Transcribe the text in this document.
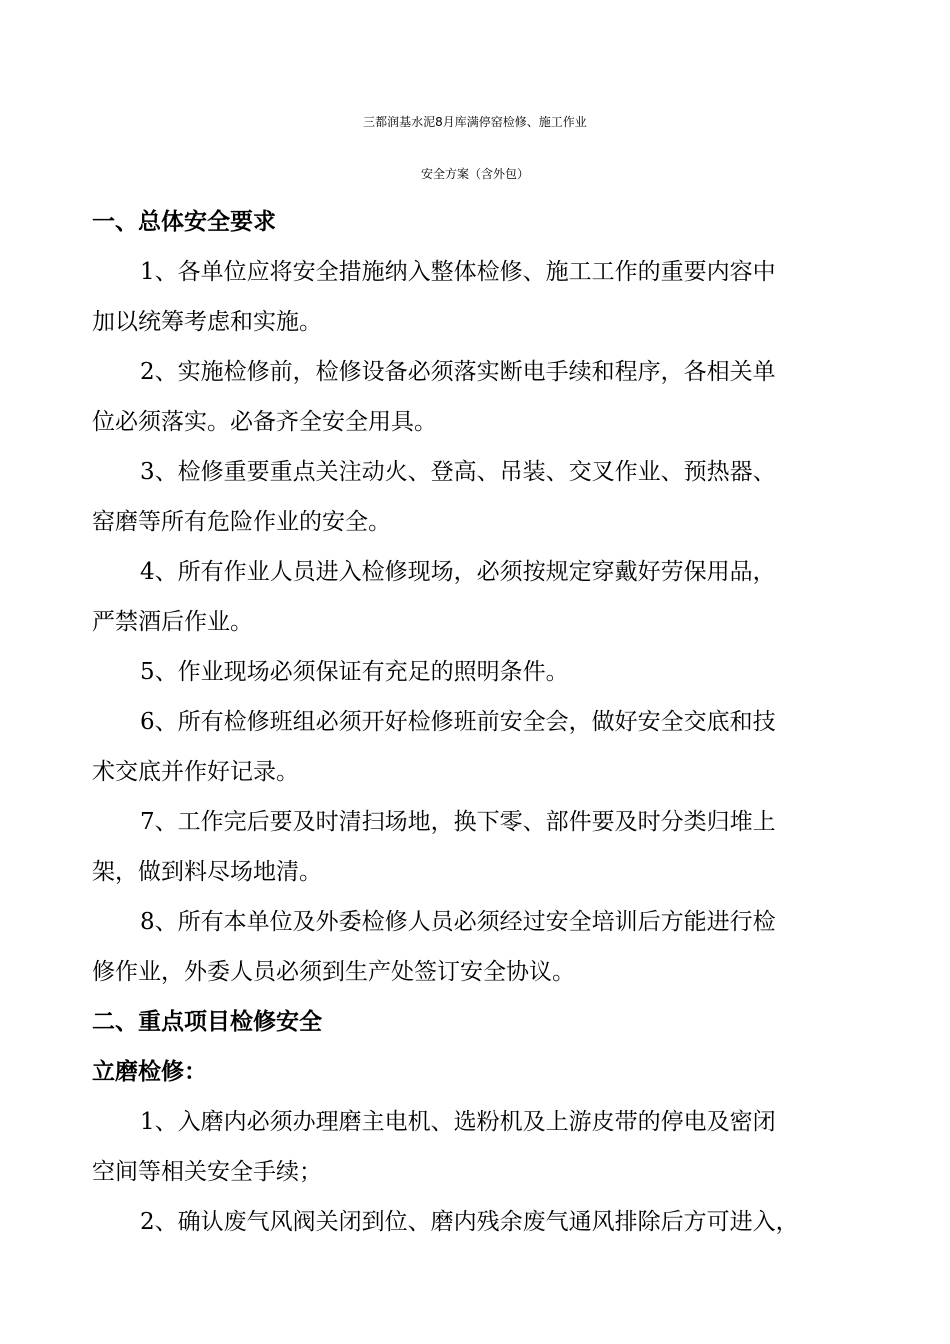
三都润基水泥8月库满停窑检修、施工作业
安全方案（含外包）
一、总体安全要求
1、各单位应将安全措施纳入整体检修、施工工作的重要内容中
加以统筹考虑和实施。
2、实施检修前，检修设备必须落实断电手续和程序，各相关单
位必须落实。必备齐全安全用具。
3、检修重要重点关注动火、登高、吊装、交叉作业、预热器、
窑磨等所有危险作业的安全。
4、所有作业人员进入检修现场，必须按规定穿戴好劳保用品，
严禁酒后作业。
5、作业现场必须保证有充足的照明条件。
6、所有检修班组必须开好检修班前安全会，做好安全交底和技
术交底并作好记录。
7、工作完后要及时清扫场地，换下零、部件要及时分类归堆上
架，做到料尽场地清。
8、所有本单位及外委检修人员必须经过安全培训后方能进行检
修作业，外委人员必须到生产处签订安全协议。
二、重点项目检修安全
立磨检修：
1、入磨内必须办理磨主电机、选粉机及上游皮带的停电及密闭
空间等相关安全手续；
2、确认废气风阀关闭到位、磨内残余废气通风排除后方可进入，
